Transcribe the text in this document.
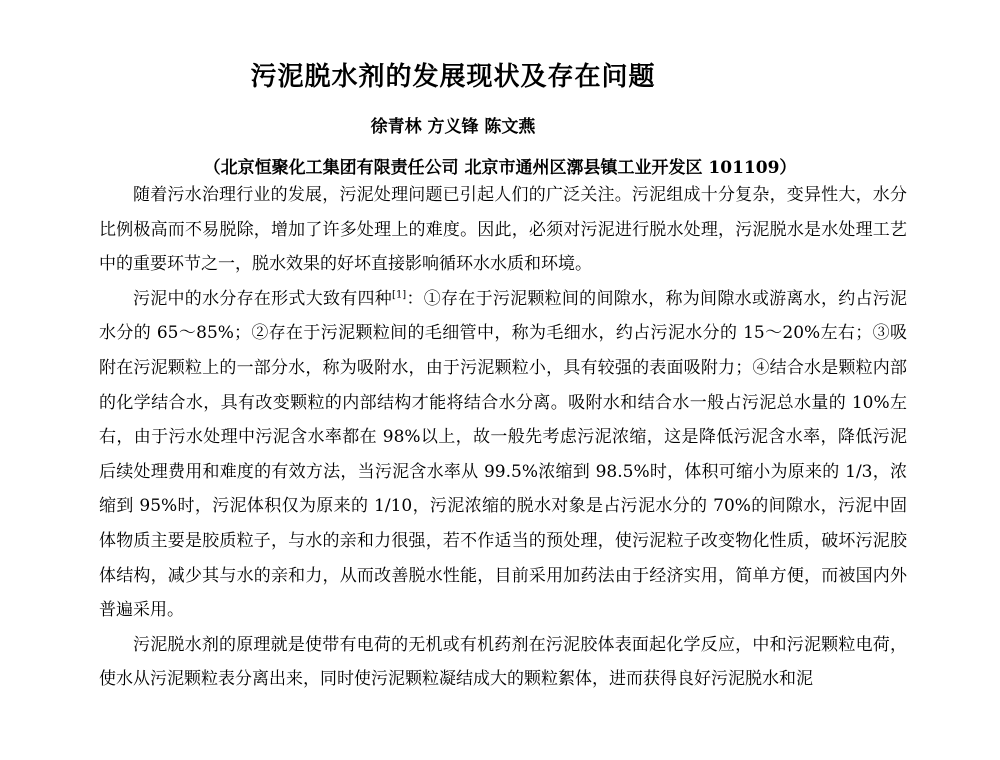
污泥脱水剂的发展现状及存在问题

徐青林 方义锋 陈文燕

（北京恒聚化工集团有限责任公司 北京市通州区漷县镇工业开发区 101109）

随着污水治理行业的发展，污泥处理问题已引起人们的广泛关注。污泥组成十分复杂，变异性大，水分比例极高而不易脱除，增加了许多处理上的难度。因此，必须对污泥进行脱水处理，污泥脱水是水处理工艺中的重要环节之一，脱水效果的好坏直接影响循环水水质和环境。

污泥中的水分存在形式大致有四种[1]：①存在于污泥颗粒间的间隙水，称为间隙水或游离水，约占污泥水分的 65～85%；②存在于污泥颗粒间的毛细管中，称为毛细水，约占污泥水分的 15～20%左右；③吸附在污泥颗粒上的一部分水，称为吸附水，由于污泥颗粒小，具有较强的表面吸附力；④结合水是颗粒内部的化学结合水，具有改变颗粒的内部结构才能将结合水分离。吸附水和结合水一般占污泥总水量的 10%左右，由于污水处理中污泥含水率都在 98%以上，故一般先考虑污泥浓缩，这是降低污泥含水率，降低污泥后续处理费用和难度的有效方法，当污泥含水率从 99.5%浓缩到 98.5%时，体积可缩小为原来的 1/3，浓缩到 95%时，污泥体积仅为原来的 1/10，污泥浓缩的脱水对象是占污泥水分的 70%的间隙水，污泥中固体物质主要是胶质粒子，与水的亲和力很强，若不作适当的预处理，使污泥粒子改变物化性质，破坏污泥胶体结构，减少其与水的亲和力，从而改善脱水性能，目前采用加药法由于经济实用，简单方便，而被国内外普遍采用。

污泥脱水剂的原理就是使带有电荷的无机或有机药剂在污泥胶体表面起化学反应，中和污泥颗粒电荷，使水从污泥颗粒表分离出来，同时使污泥颗粒凝结成大的颗粒絮体，进而获得良好污泥脱水和泥
